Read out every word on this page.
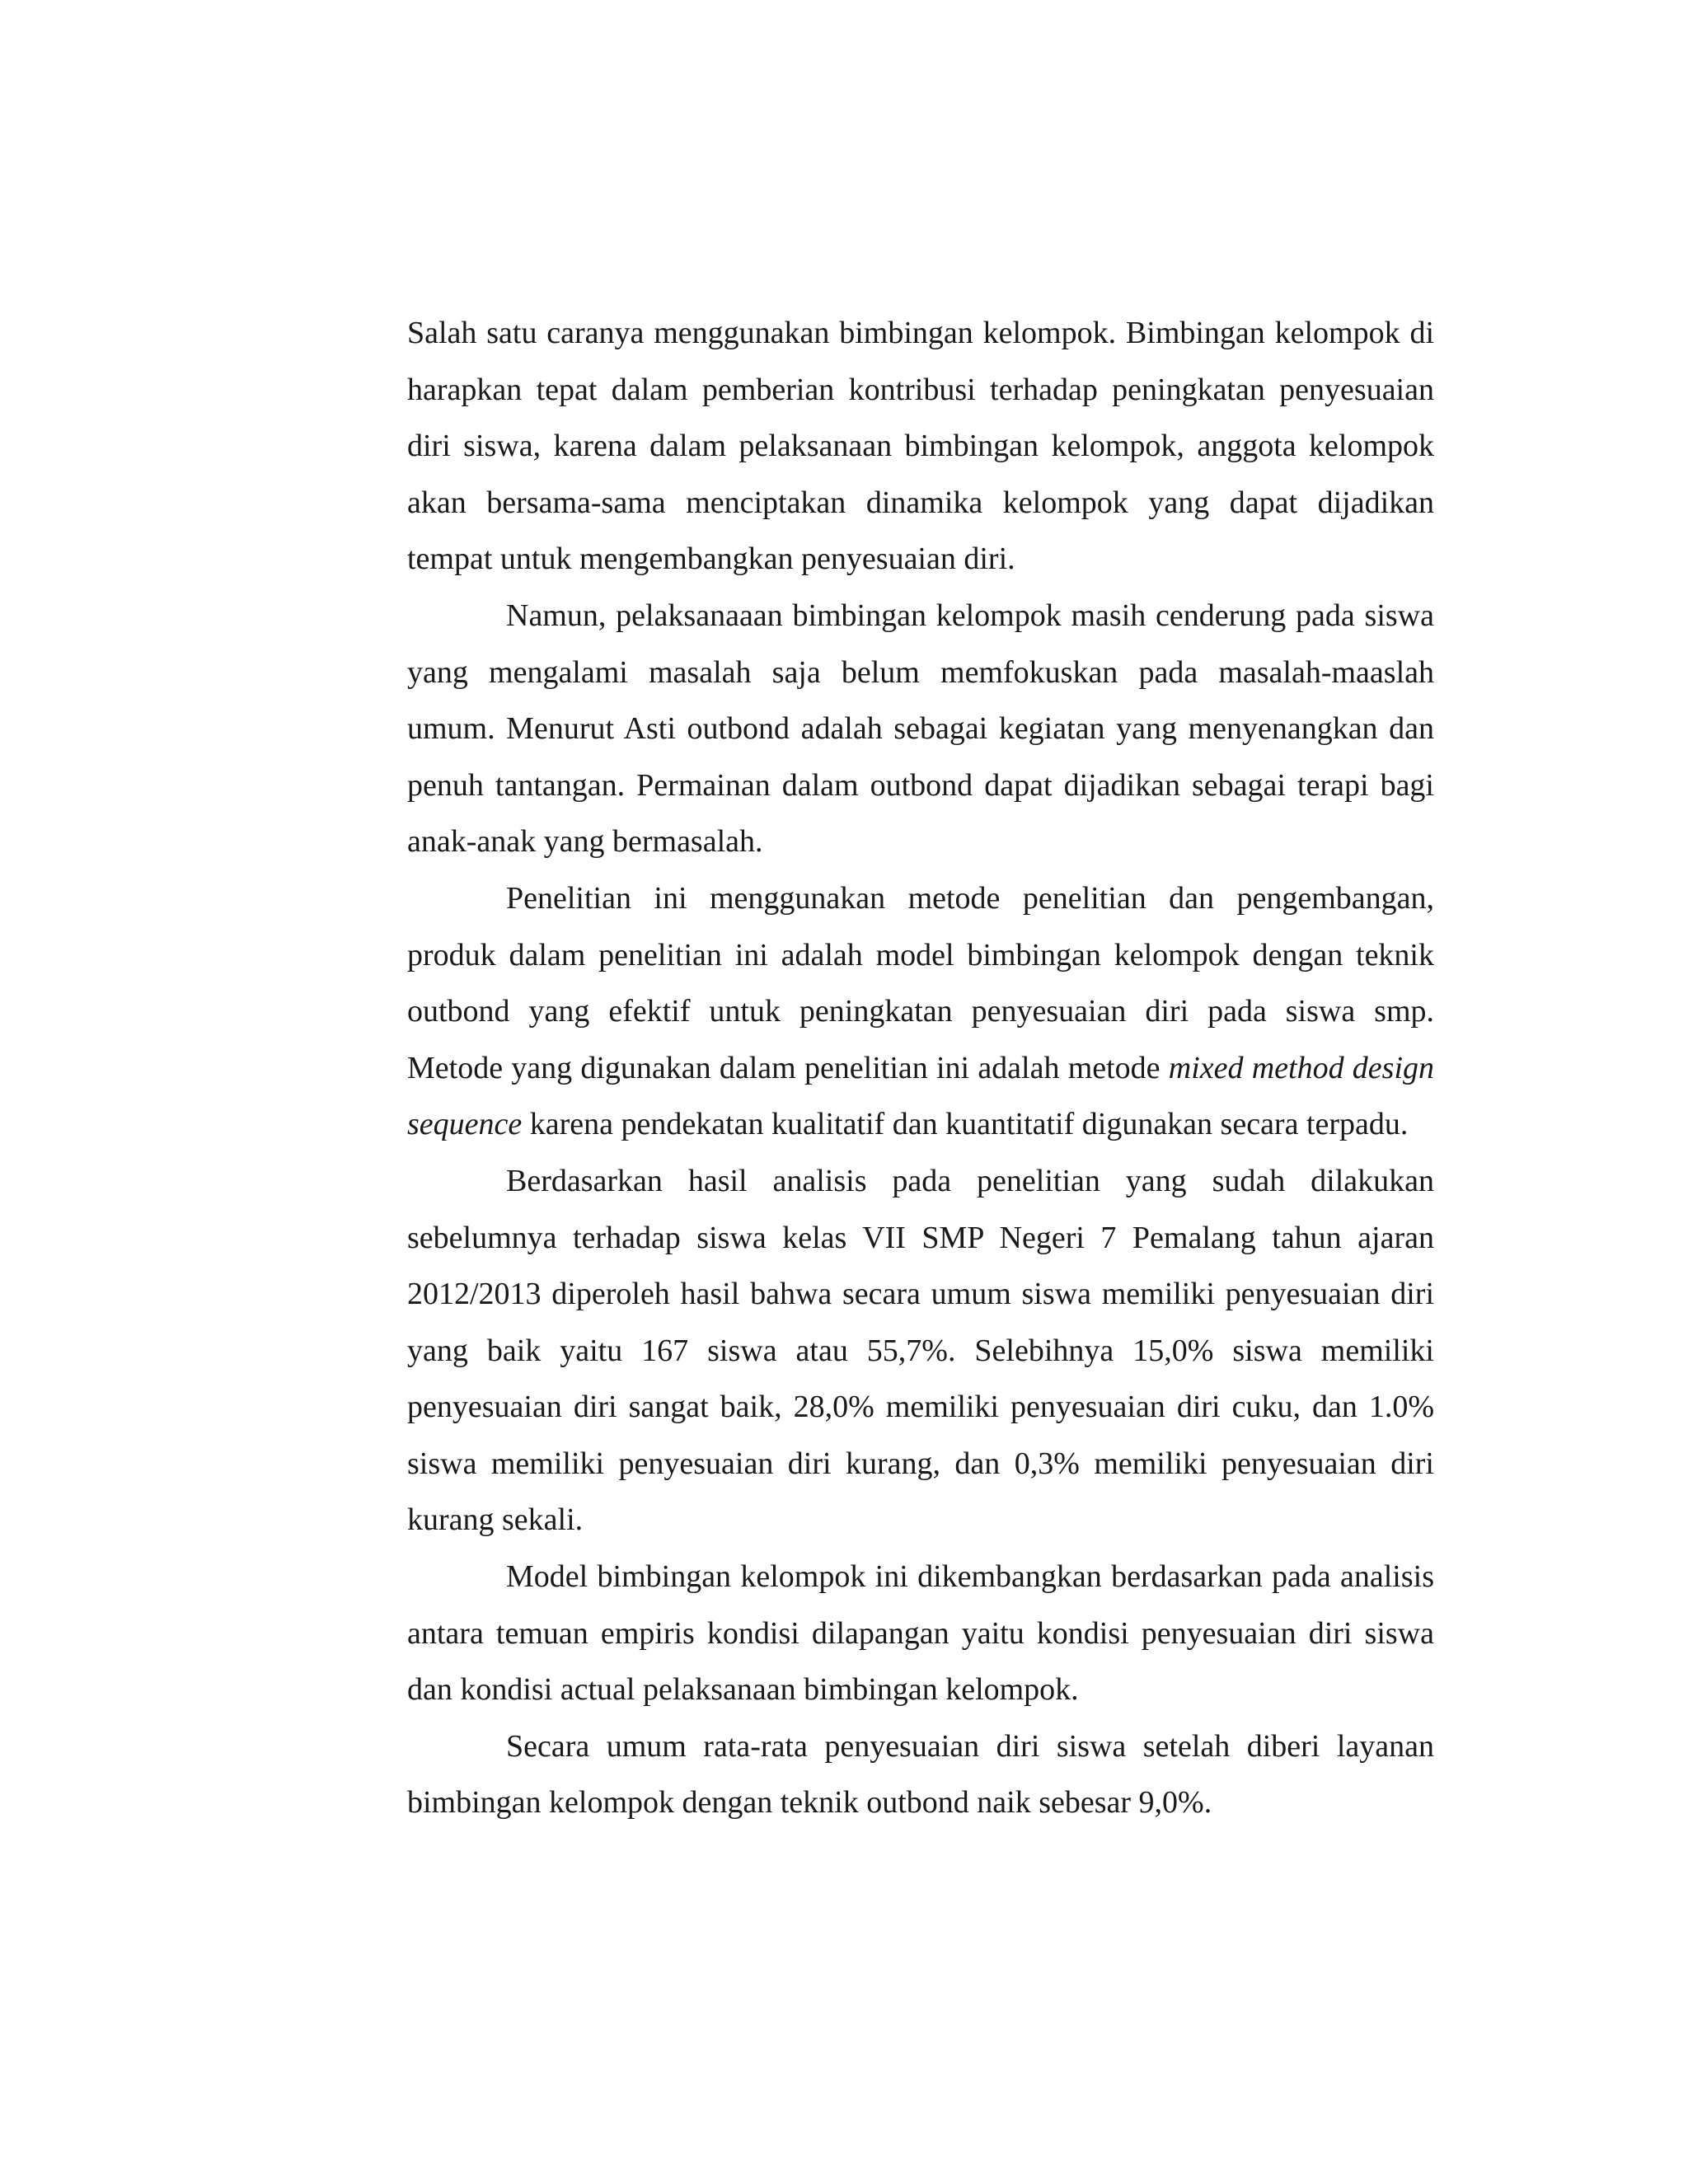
Salah satu caranya menggunakan bimbingan kelompok. Bimbingan kelompok di harapkan tepat dalam pemberian kontribusi terhadap peningkatan penyesuaian diri siswa, karena dalam pelaksanaan bimbingan kelompok, anggota kelompok akan bersama-sama menciptakan dinamika kelompok yang dapat dijadikan tempat untuk mengembangkan penyesuaian diri.

Namun, pelaksanaaan bimbingan kelompok masih cenderung pada siswa yang mengalami masalah saja belum memfokuskan pada masalah-maaslah umum. Menurut Asti outbond adalah sebagai kegiatan yang menyenangkan dan penuh tantangan. Permainan dalam outbond dapat dijadikan sebagai terapi bagi anak-anak yang bermasalah.

Penelitian ini menggunakan metode penelitian dan pengembangan, produk dalam penelitian ini adalah model bimbingan kelompok dengan teknik outbond yang efektif untuk peningkatan penyesuaian diri pada siswa smp. Metode yang digunakan dalam penelitian ini adalah metode mixed method design sequence karena pendekatan kualitatif dan kuantitatif digunakan secara terpadu.

Berdasarkan hasil analisis pada penelitian yang sudah dilakukan sebelumnya terhadap siswa kelas VII SMP Negeri 7 Pemalang tahun ajaran 2012/2013 diperoleh hasil bahwa secara umum siswa memiliki penyesuaian diri yang baik yaitu 167 siswa atau 55,7%. Selebihnya 15,0% siswa memiliki penyesuaian diri sangat baik, 28,0% memiliki penyesuaian diri cuku, dan 1.0% siswa memiliki penyesuaian diri kurang, dan 0,3% memiliki penyesuaian diri kurang sekali.

Model bimbingan kelompok ini dikembangkan berdasarkan pada analisis antara temuan empiris kondisi dilapangan yaitu kondisi penyesuaian diri siswa dan kondisi actual pelaksanaan bimbingan kelompok.

Secara umum rata-rata penyesuaian diri siswa setelah diberi layanan bimbingan kelompok dengan teknik outbond naik sebesar 9,0%.
